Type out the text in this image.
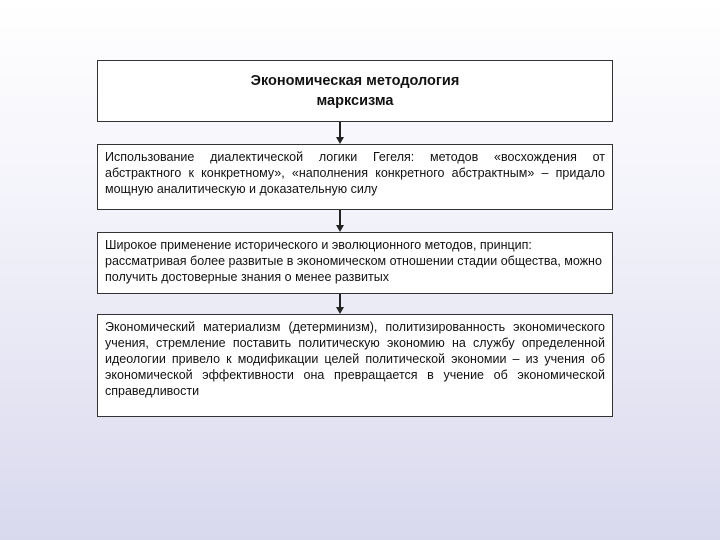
Экономическая методология
марксизма
Использование диалектической логики Гегеля: методов «восхождения от абстрактного к конкретному», «наполнения конкретного абстрактным» – придало мощную аналитическую и доказательную силу
Широкое применение исторического и эволюционного методов, принцип: рассматривая более развитые в экономическом отношении стадии общества, можно получить достоверные знания о менее развитых
Экономический материализм (детерминизм), политизированность экономического учения, стремление поставить политическую экономию на службу определенной идеологии привело к модификации целей политической экономии – из учения об экономической эффективности она превращается в учение об экономической справедливости
